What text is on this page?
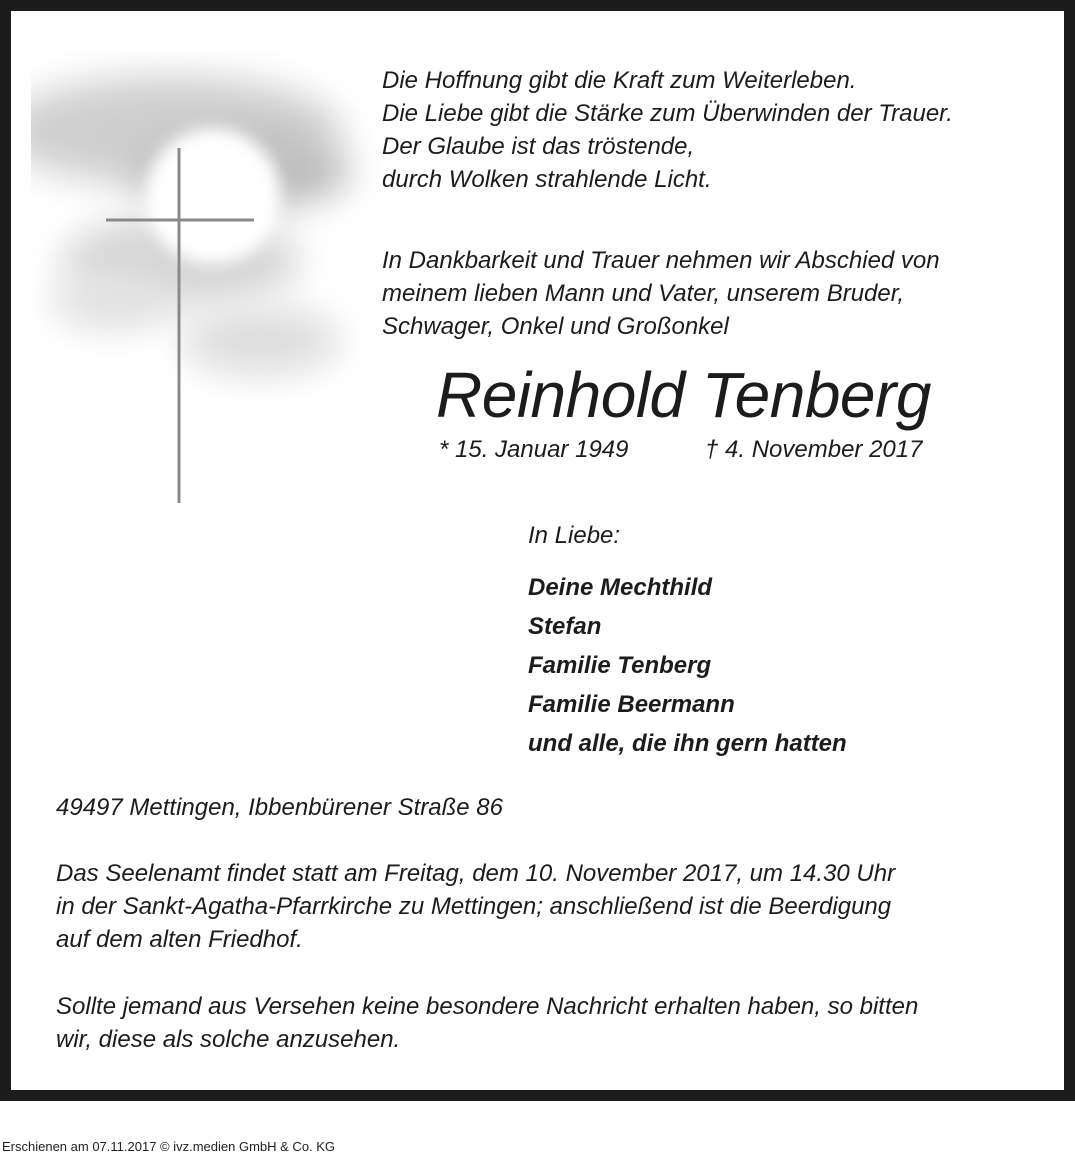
Die Hoffnung gibt die Kraft zum Weiterleben.
Die Liebe gibt die Stärke zum Überwinden der Trauer.
Der Glaube ist das tröstende,
durch Wolken strahlende Licht.
In Dankbarkeit und Trauer nehmen wir Abschied von
meinem lieben Mann und Vater, unserem Bruder,
Schwager, Onkel und Großonkel
Reinhold Tenberg
* 15. Januar 1949	† 4. November 2017
In Liebe:
Deine Mechthild
Stefan
Familie Tenberg
Familie Beermann
und alle, die ihn gern hatten
49497 Mettingen, Ibbenbürener Straße 86
Das Seelenamt findet statt am Freitag, dem 10. November 2017, um 14.30 Uhr
in der Sankt-Agatha-Pfarrkirche zu Mettingen; anschließend ist die Beerdigung
auf dem alten Friedhof.
Sollte jemand aus Versehen keine besondere Nachricht erhalten haben, so bitten
wir, diese als solche anzusehen.
Erschienen am 07.11.2017 © ivz.medien GmbH & Co. KG
